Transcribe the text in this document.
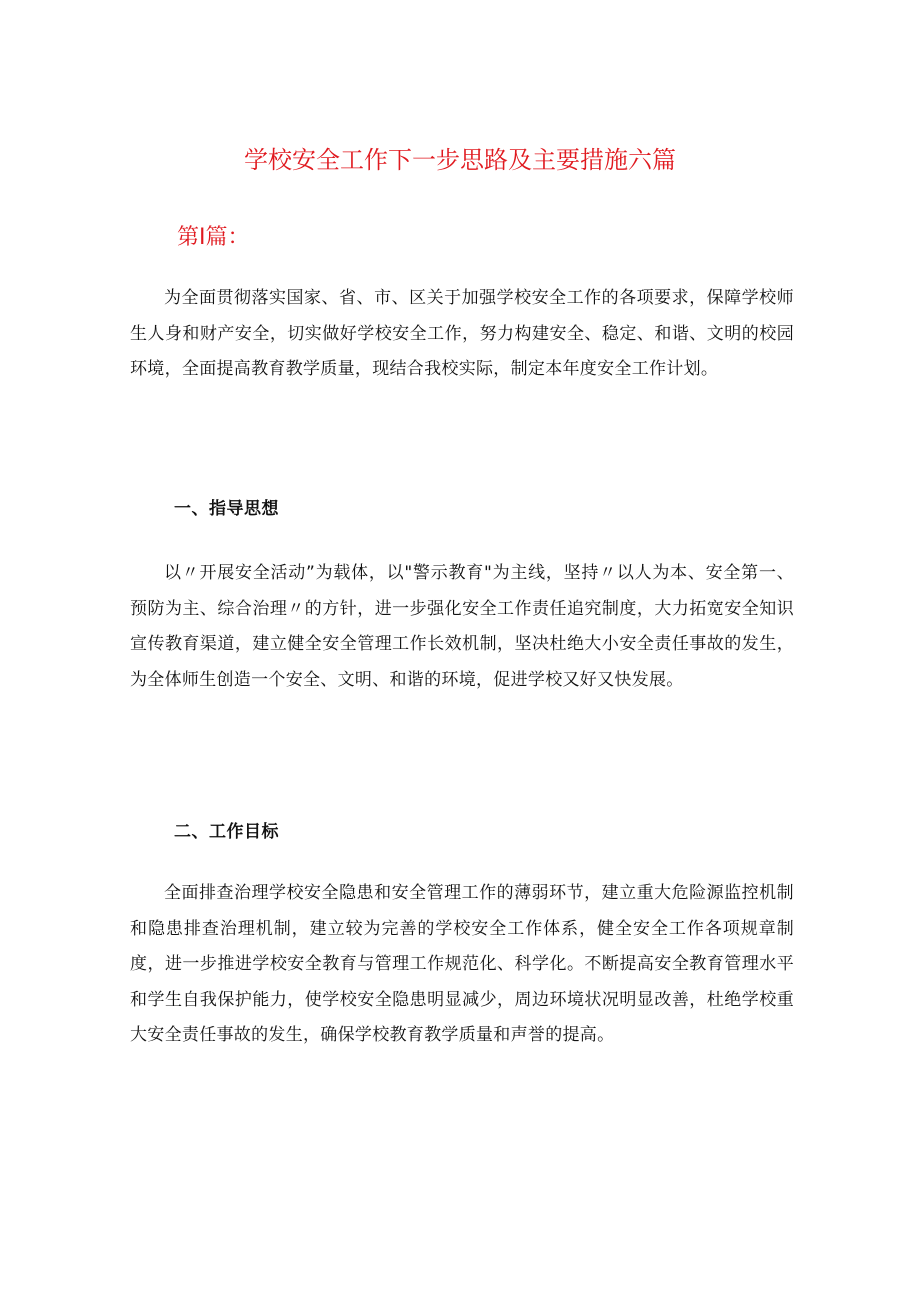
学校安全工作下一步思路及主要措施六篇
第Ⅰ篇：

为全面贯彻落实国家、省、市、区关于加强学校安全工作的各项要求，保障学校师生人身和财产安全，切实做好学校安全工作，努力构建安全、稳定、和谐、文明的校园环境，全面提高教育教学质量，现结合我校实际，制定本年度安全工作计划。

一、指导思想

以〃开展安全活动”为载体，以"警示教育"为主线，坚持〃以人为本、安全第一、预防为主、综合治理〃的方针，进一步强化安全工作责任追究制度，大力拓宽安全知识宣传教育渠道，建立健全安全管理工作长效机制，坚决杜绝大小安全责任事故的发生，为全体师生创造一个安全、文明、和谐的环境，促进学校又好又快发展。

二、工作目标

全面排查治理学校安全隐患和安全管理工作的薄弱环节，建立重大危险源监控机制和隐患排查治理机制，建立较为完善的学校安全工作体系，健全安全工作各项规章制度，进一步推进学校安全教育与管理工作规范化、科学化。不断提高安全教育管理水平和学生自我保护能力，使学校安全隐患明显减少，周边环境状况明显改善，杜绝学校重大安全责任事故的发生，确保学校教育教学质量和声誉的提高。
